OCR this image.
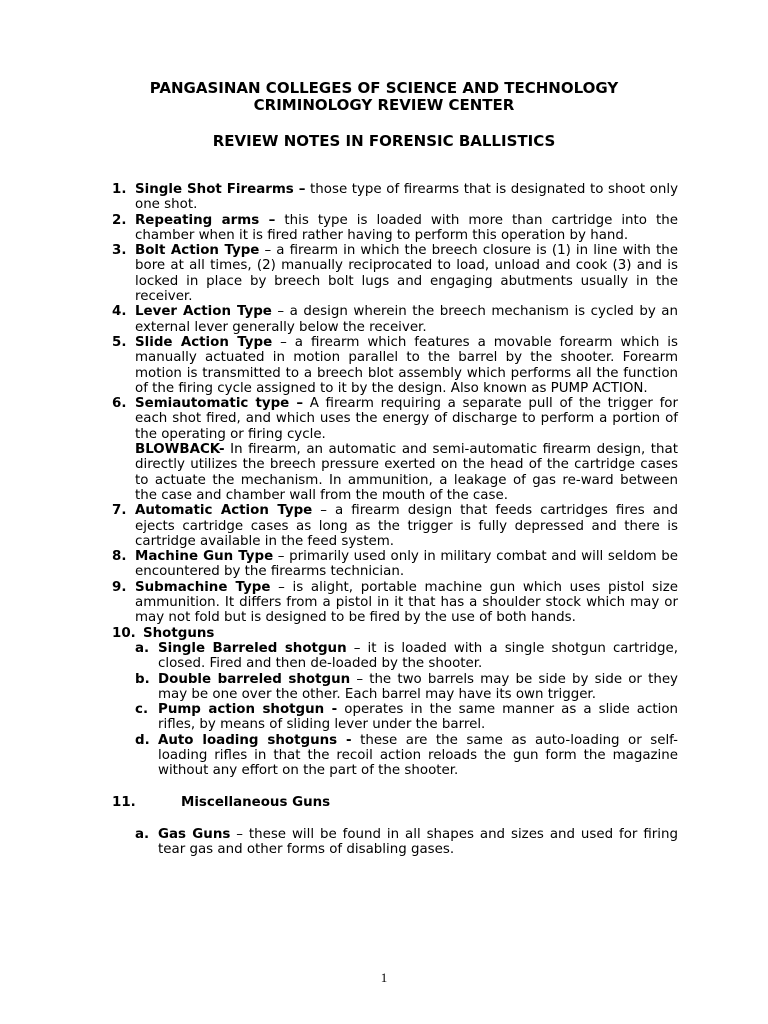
PANGASINAN COLLEGES OF SCIENCE AND TECHNOLOGY
CRIMINOLOGY REVIEW CENTER
REVIEW NOTES IN FORENSIC BALLISTICS
1. Single Shot Firearms – those type of firearms that is designated to shoot only one shot.
2. Repeating arms – this type is loaded with more than cartridge into the chamber when it is fired rather having to perform this operation by hand.
3. Bolt Action Type – a firearm in which the breech closure is (1) in line with the bore at all times, (2) manually reciprocated to load, unload and cook (3) and is locked in place by breech bolt lugs and engaging abutments usually in the receiver.
4. Lever Action Type – a design wherein the breech mechanism is cycled by an external lever generally below the receiver.
5. Slide Action Type – a firearm which features a movable forearm which is manually actuated in motion parallel to the barrel by the shooter. Forearm motion is transmitted to a breech blot assembly which performs all the function of the firing cycle assigned to it by the design. Also known as PUMP ACTION.
6. Semiautomatic type – A firearm requiring a separate pull of the trigger for each shot fired, and which uses the energy of discharge to perform a portion of the operating or firing cycle.
BLOWBACK- In firearm, an automatic and semi-automatic firearm design, that directly utilizes the breech pressure exerted on the head of the cartridge cases to actuate the mechanism. In ammunition, a leakage of gas re-ward between the case and chamber wall from the mouth of the case.
7. Automatic Action Type – a firearm design that feeds cartridges fires and ejects cartridge cases as long as the trigger is fully depressed and there is cartridge available in the feed system.
8. Machine Gun Type – primarily used only in military combat and will seldom be encountered by the firearms technician.
9. Submachine Type – is alight, portable machine gun which uses pistol size ammunition. It differs from a pistol in it that has a shoulder stock which may or may not fold but is designed to be fired by the use of both hands.
10. Shotguns
a. Single Barreled shotgun – it is loaded with a single shotgun cartridge, closed. Fired and then de-loaded by the shooter.
b. Double barreled shotgun – the two barrels may be side by side or they may be one over the other. Each barrel may have its own trigger.
c. Pump action shotgun - operates in the same manner as a slide action rifles, by means of sliding lever under the barrel.
d. Auto loading shotguns - these are the same as auto-loading or self-loading rifles in that the recoil action reloads the gun form the magazine without any effort on the part of the shooter.
11.	Miscellaneous Guns
a. Gas Guns – these will be found in all shapes and sizes and used for firing tear gas and other forms of disabling gases.
1
